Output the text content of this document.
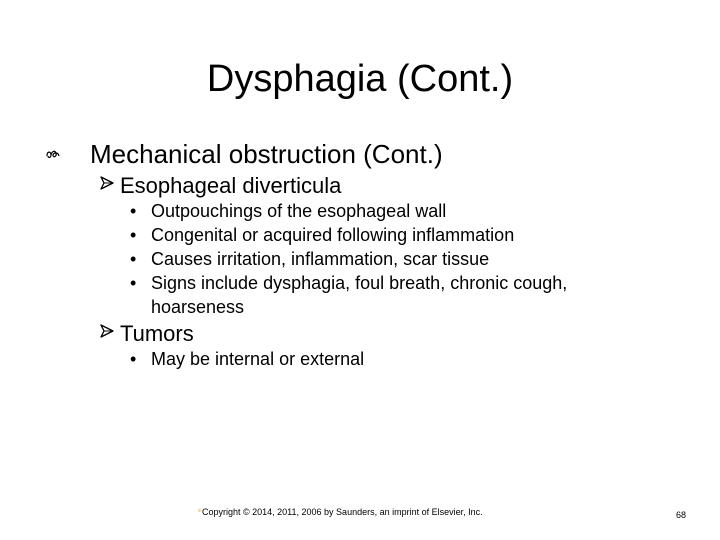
Dysphagia (Cont.)
Mechanical obstruction (Cont.)
Esophageal diverticula
• Outpouchings of the esophageal wall
• Congenital or acquired following inflammation
• Causes irritation, inflammation, scar tissue
• Signs include dysphagia, foul breath, chronic cough,
hoarseness
Tumors
• May be internal or external
Copyright © 2014, 2011, 2006 by Saunders, an imprint of Elsevier, Inc.	68
